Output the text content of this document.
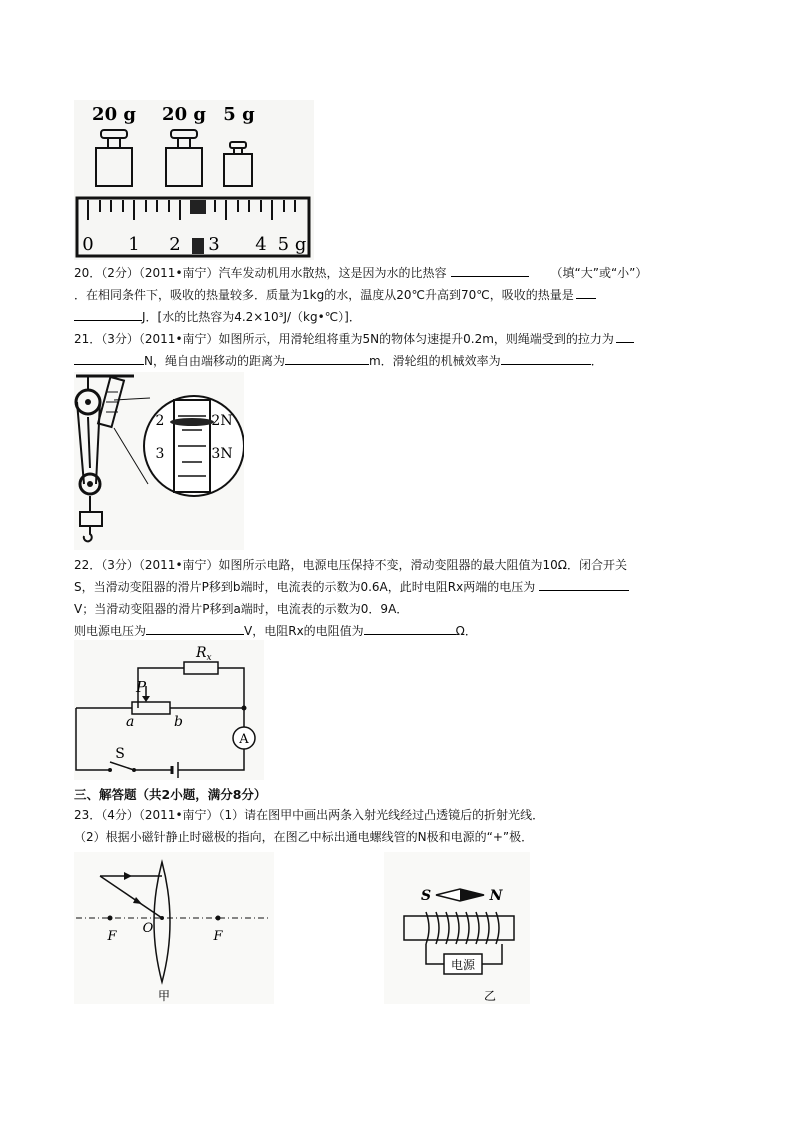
20 g 20 g 5 g
0 1 2 3 4 5 g
20．（2分）（2011•南宁）汽车发动机用水散热，这是因为水的比热容	（填“大”或“小”）
．在相同条件下，吸收的热量较多．质量为1kg的水，温度从20℃升高到70℃，吸收的热量是
J．[水的比热容为4.2×10³J/（kg•℃）]．
21．（3分）（2011•南宁）如图所示，用滑轮组将重为5N的物体匀速提升0.2m，则绳端受到的拉力为
N，绳自由端移动的距离为	m．滑轮组的机械效率为	．
2
3
2N
3N
22．（3分）（2011•南宁）如图所示电路，电源电压保持不变，滑动变阻器的最大阻值为10Ω．闭合开关
S，当滑动变阻器的滑片P移到b端时，电流表的示数为0.6A，此时电阻Rx两端的电压为
V；当滑动变阻器的滑片P移到a端时，电流表的示数为0．9A．
则电源电压为	V，电阻Rx的电阻值为	Ω．
$R_x$
P
a	b
A
S
三、解答题（共2小题，满分8分）
23．（4分）（2011•南宁）（1）请在图甲中画出两条入射光线经过凸透镜后的折射光线．
（2）根据小磁针静止时磁极的指向，在图乙中标出通电螺线管的N极和电源的“+”极．
F
O
F
甲
S	N
电源
乙
